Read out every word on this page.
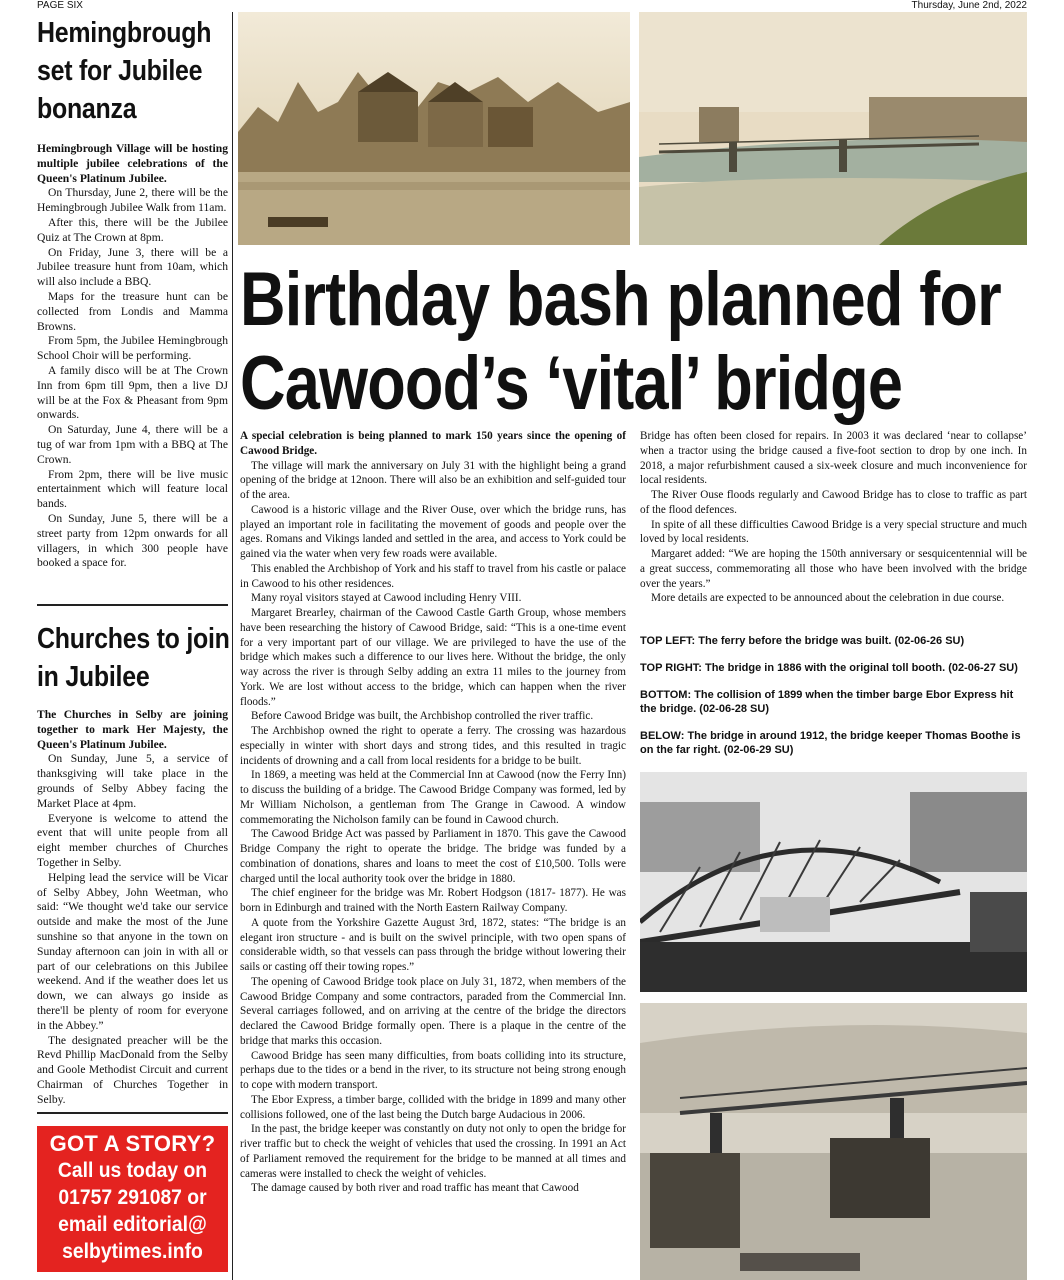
PAGE SIX	Thursday, June 2nd, 2022
Hemingbrough set for Jubilee bonanza

Hemingbrough Village will be hosting multiple jubilee celebrations of the Queen's Platinum Jubilee.

On Thursday, June 2, there will be the Hemingbrough Jubilee Walk from 11am.

After this, there will be the Jubilee Quiz at The Crown at 8pm.

On Friday, June 3, there will be a Jubilee treasure hunt from 10am, which will also include a BBQ.

Maps for the treasure hunt can be collected from Londis and Mamma Browns.

From 5pm, the Jubilee Hemingbrough School Choir will be performing.

A family disco will be at The Crown Inn from 6pm till 9pm, then a live DJ will be at the Fox & Pheasant from 9pm onwards.

On Saturday, June 4, there will be a tug of war from 1pm with a BBQ at The Crown.

From 2pm, there will be live music entertainment which will feature local bands.

On Sunday, June 5, there will be a street party from 12pm onwards for all villagers, in which 300 people have booked a space for.

Churches to join in Jubilee

The Churches in Selby are joining together to mark Her Majesty, the Queen's Platinum Jubilee.

On Sunday, June 5, a service of thanksgiving will take place in the grounds of Selby Abbey facing the Market Place at 4pm.

Everyone is welcome to attend the event that will unite people from all eight member churches of Churches Together in Selby.

Helping lead the service will be Vicar of Selby Abbey, John Weetman, who said: “We thought we'd take our service outside and make the most of the June sunshine so that anyone in the town on Sunday afternoon can join in with all or part of our celebrations on this Jubilee weekend. And if the weather does let us down, we can always go inside as there'll be plenty of room for everyone in the Abbey.”

The designated preacher will be the Revd Phillip MacDonald from the Selby and Goole Methodist Circuit and current Chairman of Churches Together in Selby.

GOT A STORY?
Call us today on
01757 291087 or
email editorial@
selbytimes.info
Birthday bash planned for
Cawood’s ‘vital’ bridge

A special celebration is being planned to mark 150 years since the opening of Cawood Bridge.

The village will mark the anniversary on July 31 with the highlight being a grand opening of the bridge at 12noon. There will also be an exhibition and self-guided tour of the area.

Cawood is a historic village and the River Ouse, over which the bridge runs, has played an important role in facilitating the movement of goods and people over the ages. Romans and Vikings landed and settled in the area, and access to York could be gained via the water when very few roads were available.

This enabled the Archbishop of York and his staff to travel from his castle or palace in Cawood to his other residences.

Many royal visitors stayed at Cawood including Henry VIII.

Margaret Brearley, chairman of the Cawood Castle Garth Group, whose members have been researching the history of Cawood Bridge, said: “This is a one-time event for a very important part of our village. We are privileged to have the use of the bridge which makes such a difference to our lives here. Without the bridge, the only way across the river is through Selby adding an extra 11 miles to the journey from York. We are lost without access to the bridge, which can happen when the river floods.”

Before Cawood Bridge was built, the Archbishop controlled the river traffic.

The Archbishop owned the right to operate a ferry. The crossing was hazardous especially in winter with short days and strong tides, and this resulted in tragic incidents of drowning and a call from local residents for a bridge to be built.

In 1869, a meeting was held at the Commercial Inn at Cawood (now the Ferry Inn) to discuss the building of a bridge. The Cawood Bridge Company was formed, led by Mr William Nicholson, a gentleman from The Grange in Cawood. A window commemorating the Nicholson family can be found in Cawood church.

The Cawood Bridge Act was passed by Parliament in 1870. This gave the Cawood Bridge Company the right to operate the bridge. The bridge was funded by a combination of donations, shares and loans to meet the cost of £10,500. Tolls were charged until the local authority took over the bridge in 1880.

The chief engineer for the bridge was Mr. Robert Hodgson (1817- 1877). He was born in Edinburgh and trained with the North Eastern Railway Company.

A quote from the Yorkshire Gazette August 3rd, 1872, states: “The bridge is an elegant iron structure - and is built on the swivel principle, with two open spans of considerable width, so that vessels can pass through the bridge without lowering their sails or casting off their towing ropes.”

The opening of Cawood Bridge took place on July 31, 1872, when members of the Cawood Bridge Company and some contractors, paraded from the Commercial Inn. Several carriages followed, and on arriving at the centre of the bridge the directors declared the Cawood Bridge formally open. There is a plaque in the centre of the bridge that marks this occasion.

Cawood Bridge has seen many difficulties, from boats colliding into its structure, perhaps due to the tides or a bend in the river, to its structure not being strong enough to cope with modern transport.

The Ebor Express, a timber barge, collided with the bridge in 1899 and many other collisions followed, one of the last being the Dutch barge Audacious in 2006.

In the past, the bridge keeper was constantly on duty not only to open the bridge for river traffic but to check the weight of vehicles that used the crossing. In 1991 an Act of Parliament removed the requirement for the bridge to be manned at all times and cameras were installed to check the weight of vehicles.

The damage caused by both river and road traffic has meant that Cawood

Bridge has often been closed for repairs. In 2003 it was declared ‘near to collapse’ when a tractor using the bridge caused a five-foot section to drop by one inch. In 2018, a major refurbishment caused a six-week closure and much inconvenience for local residents.

The River Ouse floods regularly and Cawood Bridge has to close to traffic as part of the flood defences.

In spite of all these difficulties Cawood Bridge is a very special structure and much loved by local residents.

Margaret added: “We are hoping the 150th anniversary or sesquicentennial will be a great success, commemorating all those who have been involved with the bridge over the years.”

More details are expected to be announced about the celebration in due course.

TOP LEFT: The ferry before the bridge was built. (02-06-26 SU)

TOP RIGHT: The bridge in 1886 with the original toll booth. (02-06-27 SU)

BOTTOM: The collision of 1899 when the timber barge Ebor Express hit the bridge. (02-06-28 SU)

BELOW: The bridge in around 1912, the bridge keeper Thomas Boothe is on the far right. (02-06-29 SU)
